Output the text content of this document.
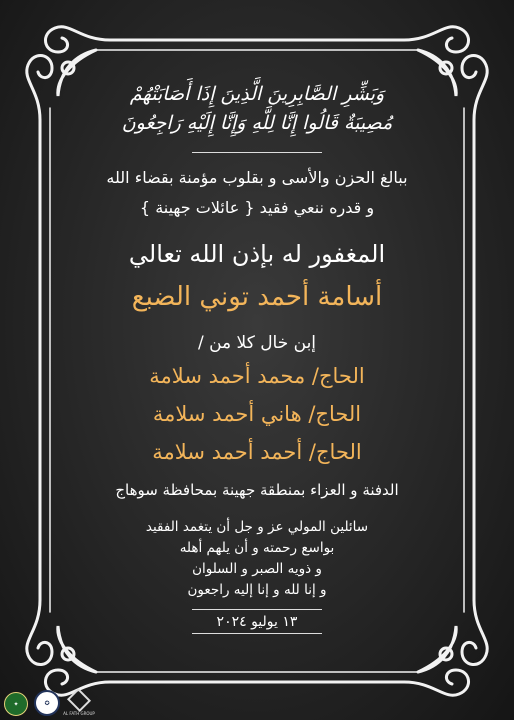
وَبَشِّرِ الصَّابِرِينَ الَّذِينَ إِذَا أَصَابَتْهُمْ
مُصِيبَةٌ قَالُوا إِنَّا لِلَّهِ وَإِنَّا إِلَيْهِ رَاجِعُونَ

ببالغ الحزن والأسى و بقلوب مؤمنة بقضاء الله

و قدره ننعي فقيد { عائلات جهينة }

المغفور له بإذن الله تعالي
أسامة أحمد توني الضبع
إبن خال كلا من /
الحاج/ محمد أحمد سلامة
الحاج/ هاني أحمد سلامة
الحاج/ أحمد أحمد سلامة
الدفنة و العزاء بمنطقة جهينة بمحافظة سوهاج
سائلين المولي عز و جل أن يتغمد الفقيد
بواسع رحمته و أن يلهم أهله
و ذويه الصبر و السلوان
و إنا لله و إنا إليه راجعون
١٣ يوليو ٢٠٢٤
✦	✪
AL FATH GROUP
